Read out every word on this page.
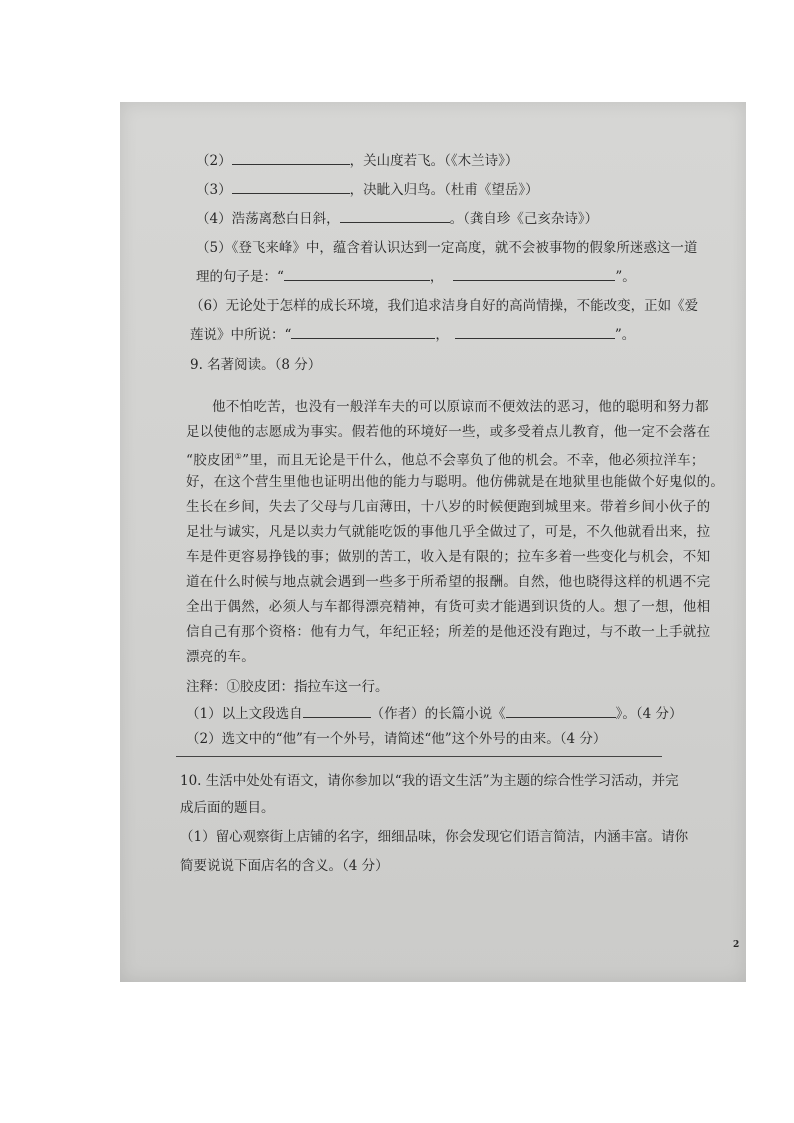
（2）	，关山度若飞。（《木兰诗》）
（3）	，决眦入归鸟。（杜甫《望岳》）
（4）浩荡离愁白日斜，	。（龚自珍《己亥杂诗》）
（5）《登飞来峰》中，蕴含着认识达到一定高度，就不会被事物的假象所迷惑这一道
理的句子是：“	，	”。
（6）无论处于怎样的成长环境，我们追求洁身自好的高尚情操，不能改变，正如《爱
莲说》中所说：“	，	”。
9. 名著阅读。（8 分）
他不怕吃苦，也没有一般洋车夫的可以原谅而不便效法的恶习，他的聪明和努力都
足以使他的志愿成为事实。假若他的环境好一些，或多受着点儿教育，他一定不会落在
“胶皮团①”里，而且无论是干什么，他总不会辜负了他的机会。不幸，他必须拉洋车；
好，在这个营生里他也证明出他的能力与聪明。他仿佛就是在地狱里也能做个好鬼似的。
生长在乡间，失去了父母与几亩薄田，十八岁的时候便跑到城里来。带着乡间小伙子的
足壮与诚实，凡是以卖力气就能吃饭的事他几乎全做过了，可是，不久他就看出来，拉
车是件更容易挣钱的事；做别的苦工，收入是有限的；拉车多着一些变化与机会，不知
道在什么时候与地点就会遇到一些多于所希望的报酬。自然，他也晓得这样的机遇不完
全出于偶然，必须人与车都得漂亮精神，有货可卖才能遇到识货的人。想了一想，他相
信自己有那个资格：他有力气，年纪正轻；所差的是他还没有跑过，与不敢一上手就拉
漂亮的车。
注释：①胶皮团：指拉车这一行。
（1）以上文段选自	（作者）的长篇小说《	》。（4 分）
（2）选文中的“他”有一个外号，请简述“他”这个外号的由来。（4 分）
10. 生活中处处有语文，请你参加以“我的语文生活”为主题的综合性学习活动，并完
成后面的题目。
（1）留心观察街上店铺的名字，细细品味，你会发现它们语言简洁，内涵丰富。请你
简要说说下面店名的含义。（4 分）
2
